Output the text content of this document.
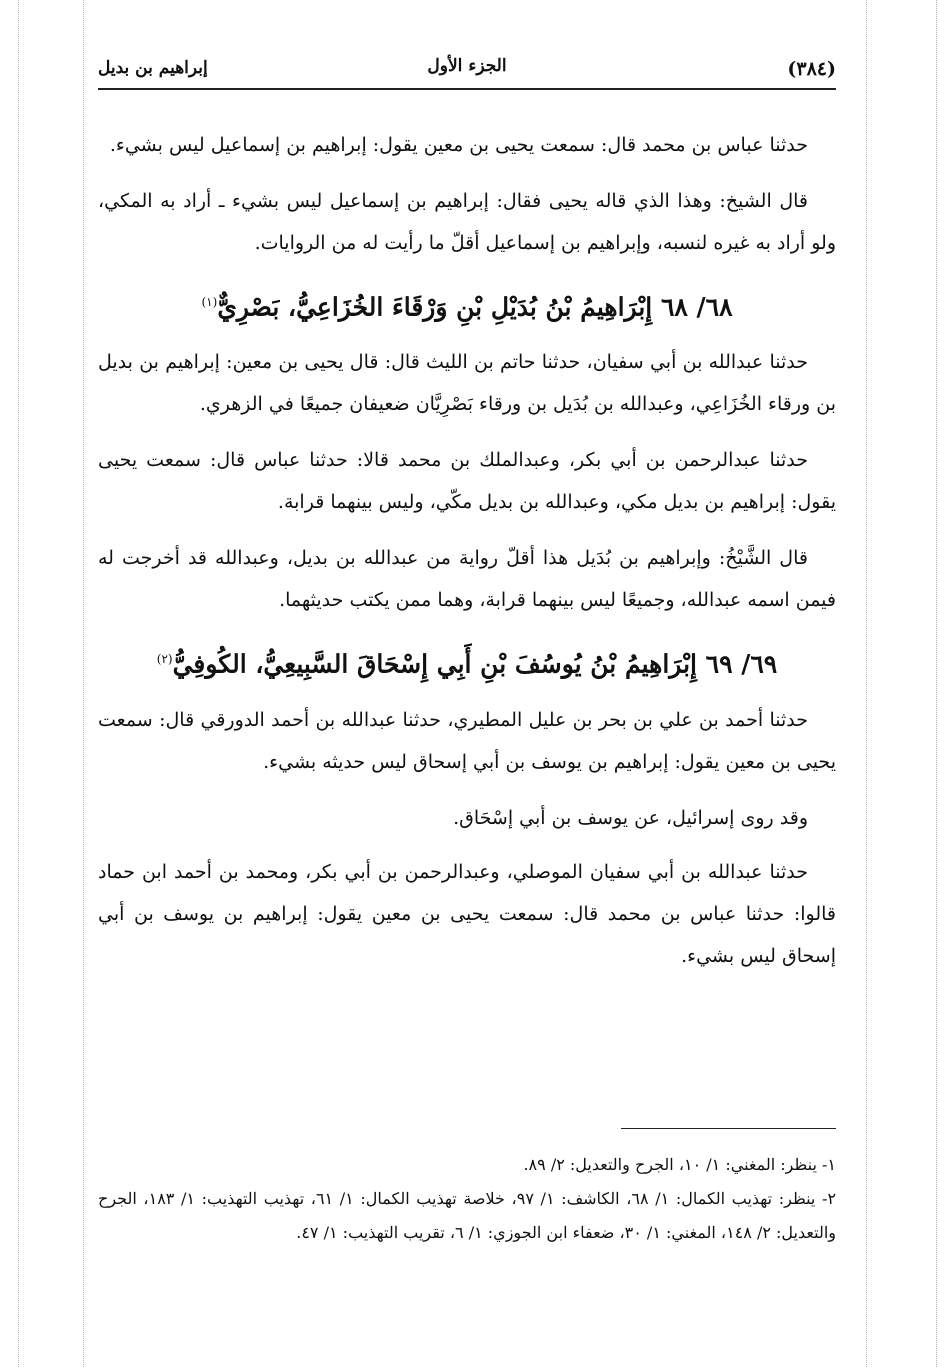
(٣٨٤)
الجزء الأول
إبراهيم بن بديل

حدثنا عباس بن محمد قال: سمعت يحيى بن معين يقول: إبراهيم بن إسماعيل ليس بشيء.

قال الشيخ: وهذا الذي قاله يحيى فقال: إبراهيم بن إسماعيل ليس بشيء ـ أراد به المكي، ولو أراد به غيره لنسبه، وإبراهيم بن إسماعيل أقلّ ما رأيت له من الروايات.

٦٨/ ٦٨ إِبْرَاهِيمُ بْنُ بُدَيْلِ بْنِ وَرْقَاءَ الخُزَاعِيُّ، بَصْرِيٌّ$^{(١)}$

حدثنا عبدالله بن أبي سفيان، حدثنا حاتم بن الليث قال: قال يحيى بن معين: إبراهيم بن بديل بن ورقاء الخُزَاعِي، وعبدالله بن بُدَيل بن ورقاء بَصْرِيَّان ضعيفان جميعًا في الزهري.

حدثنا عبدالرحمن بن أبي بكر، وعبدالملك بن محمد قالا: حدثنا عباس قال: سمعت يحيى يقول: إبراهيم بن بديل مكي، وعبدالله بن بديل مكّي، وليس بينهما قرابة.

قال الشَّيْخُ: وإبراهيم بن بُدَيل هذا أقلّ رواية من عبدالله بن بديل، وعبدالله قد أخرجت له فيمن اسمه عبدالله، وجميعًا ليس بينهما قرابة، وهما ممن يكتب حديثهما.

٦٩/ ٦٩ إِبْرَاهِيمُ بْنُ يُوسُفَ بْنِ أَبِي إِسْحَاقَ السَّبِيعِيُّ، الكُوفِيُّ$^{(٢)}$

حدثنا أحمد بن علي بن بحر بن عليل المطيري، حدثنا عبدالله بن أحمد الدورقي قال: سمعت يحيى بن معين يقول: إبراهيم بن يوسف بن أبي إسحاق ليس حديثه بشيء.

وقد روى إسرائيل، عن يوسف بن أبي إسْحَاق.

حدثنا عبدالله بن أبي سفيان الموصلي، وعبدالرحمن بن أبي بكر، ومحمد بن أحمد ابن حماد قالوا: حدثنا عباس بن محمد قال: سمعت يحيى بن معين يقول: إبراهيم بن يوسف بن أبي إسحاق ليس بشيء.

١- ينظر: المغني: ١/ ١٠، الجرح والتعديل: ٢/ ٨٩.

٢- ينظر: تهذيب الكمال: ١/ ٦٨، الكاشف: ١/ ٩٧، خلاصة تهذيب الكمال: ١/ ٦١، تهذيب التهذيب: ١/ ١٨٣، الجرح والتعديل: ٢/ ١٤٨، المغني: ١/ ٣٠، ضعفاء ابن الجوزي: ١/ ٦، تقريب التهذيب: ١/ ٤٧.
